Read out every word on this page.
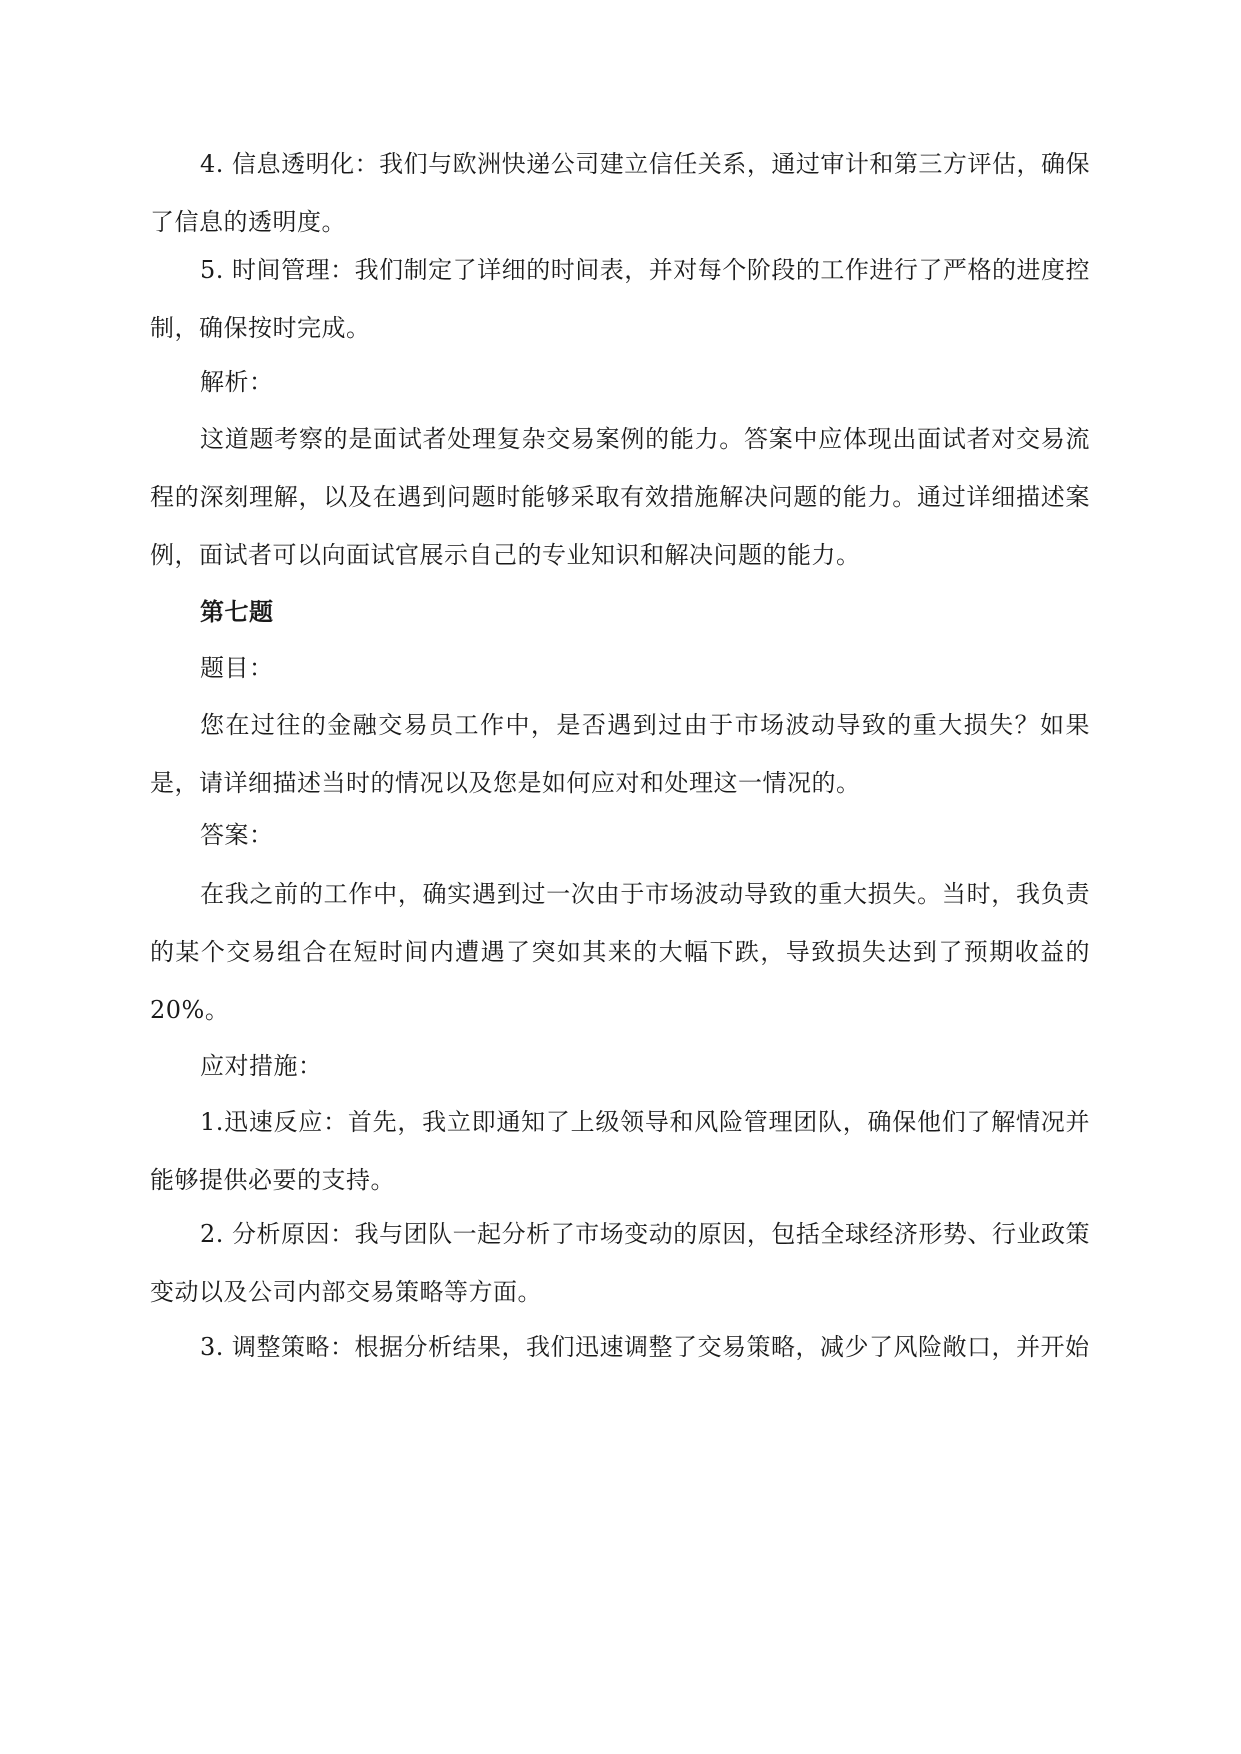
4. 信息透明化：我们与欧洲快递公司建立信任关系，通过审计和第三方评估，确保了信息的透明度。

5. 时间管理：我们制定了详细的时间表，并对每个阶段的工作进行了严格的进度控制，确保按时完成。

解析：

这道题考察的是面试者处理复杂交易案例的能力。答案中应体现出面试者对交易流程的深刻理解，以及在遇到问题时能够采取有效措施解决问题的能力。通过详细描述案例，面试者可以向面试官展示自己的专业知识和解决问题的能力。

第七题

题目：

您在过往的金融交易员工作中，是否遇到过由于市场波动导致的重大损失？如果是，请详细描述当时的情况以及您是如何应对和处理这一情况的。

答案：

在我之前的工作中，确实遇到过一次由于市场波动导致的重大损失。当时，我负责的某个交易组合在短时间内遭遇了突如其来的大幅下跌，导致损失达到了预期收益的20%。

应对措施：

1.迅速反应：首先，我立即通知了上级领导和风险管理团队，确保他们了解情况并能够提供必要的支持。

2. 分析原因：我与团队一起分析了市场变动的原因，包括全球经济形势、行业政策变动以及公司内部交易策略等方面。

3. 调整策略：根据分析结果，我们迅速调整了交易策略，减少了风险敞口，并开始
